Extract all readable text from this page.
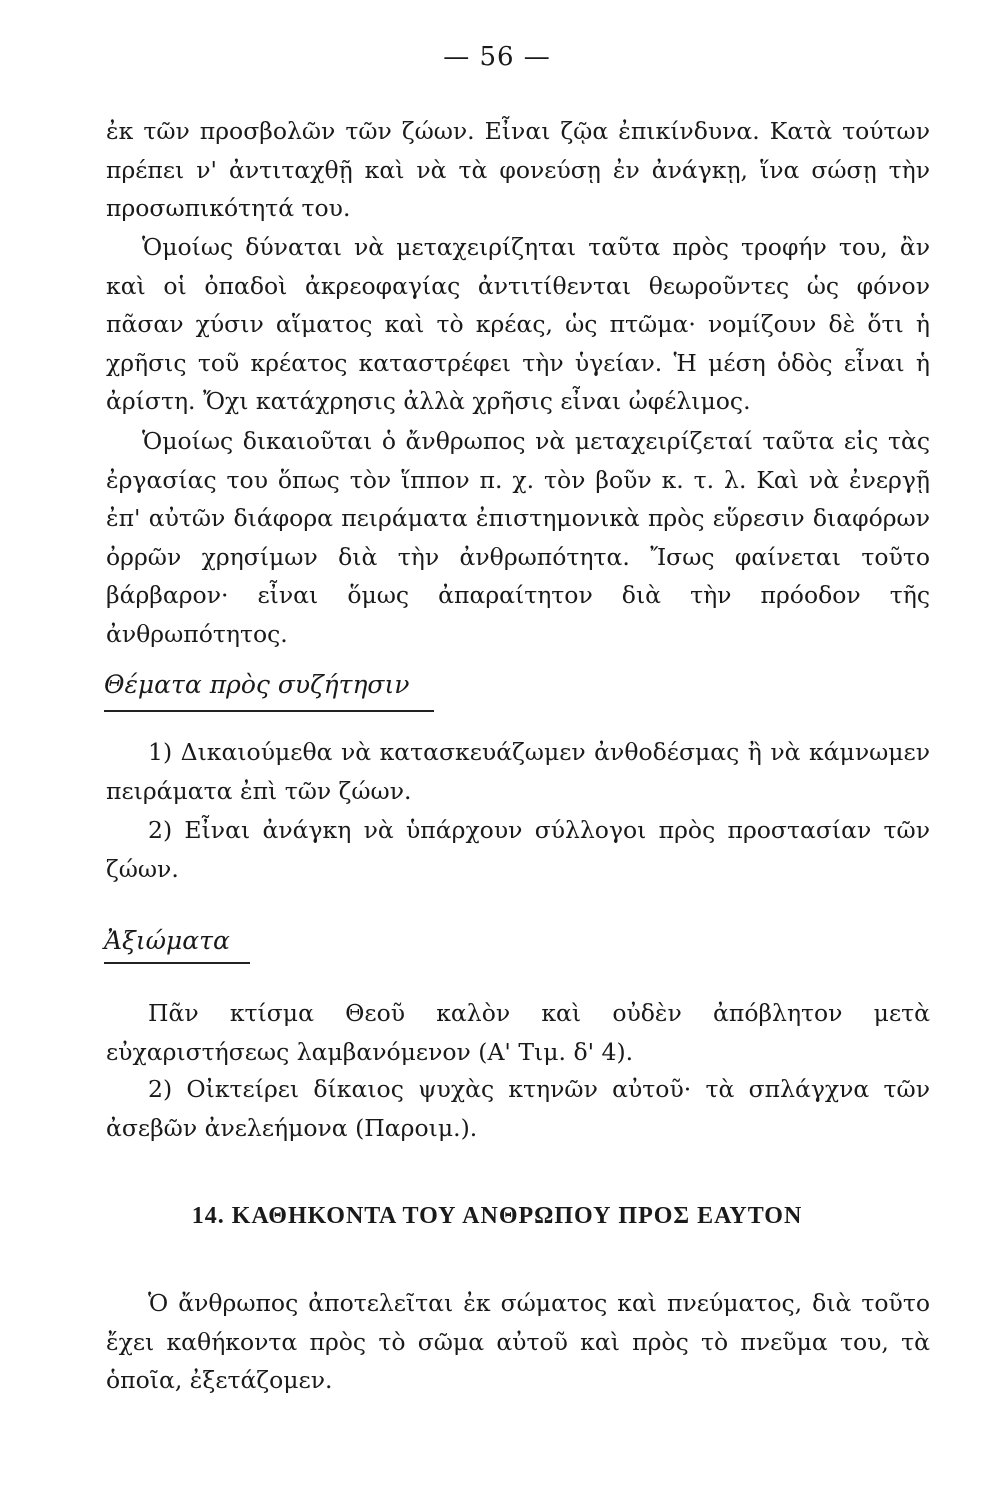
— 56 —

ἐκ τῶν προσβολῶν τῶν ζώων. Εἶναι ζῷα ἐπικίνδυνα. Κατὰ τούτων πρέπει ν' ἀντιταχθῇ καὶ νὰ τὰ φονεύσῃ ἐν ἀνάγκῃ, ἵνα σώσῃ τὴν προσωπικότητά του.

Ὁμοίως δύναται νὰ μεταχειρίζηται ταῦτα πρὸς τροφήν του, ἂν καὶ οἱ ὀπαδοὶ ἀκρεοφαγίας ἀντιτίθενται θεωροῦντες ὡς φόνον πᾶσαν χύσιν αἵματος καὶ τὸ κρέας, ὡς πτῶμα· νομίζουν δὲ ὅτι ἡ χρῆσις τοῦ κρέατος καταστρέφει τὴν ὑγείαν. Ἡ μέση ὁδὸς εἶναι ἡ ἀρίστη. Ὄχι κατάχρησις ἀλλὰ χρῆσις εἶναι ὠφέλιμος.

Ὁμοίως δικαιοῦται ὁ ἄνθρωπος νὰ μεταχειρίζεταί ταῦτα εἰς τὰς ἐργασίας του ὅπως τὸν ἵππον π. χ. τὸν βοῦν κ. τ. λ. Καὶ νὰ ἐνεργῇ ἐπ' αὐτῶν διάφορα πειράματα ἐπιστημονικὰ πρὸς εὕρεσιν διαφόρων ὀρρῶν χρησίμων διὰ τὴν ἀνθρωπότητα. Ἴσως φαίνεται τοῦτο βάρβαρον· εἶναι ὅμως ἀπαραίτητον διὰ τὴν πρόοδον τῆς ἀνθρωπότητος.

Θέματα πρὸς συζήτησιν

1) Δικαιούμεθα νὰ κατασκευάζωμεν ἀνθοδέσμας ἢ νὰ κάμνωμεν πειράματα ἐπὶ τῶν ζώων.

2) Εἶναι ἀνάγκη νὰ ὑπάρχουν σύλλογοι πρὸς προστασίαν τῶν ζώων.

Ἀξιώματα

Πᾶν κτίσμα Θεοῦ καλὸν καὶ οὐδὲν ἀπόβλητον μετὰ εὐχαριστήσεως λαμβανόμενον (Α' Τιμ. δ' 4).

2) Οἰκτείρει δίκαιος ψυχὰς κτηνῶν αὐτοῦ· τὰ σπλάγχνα τῶν ἀσεβῶν ἀνελεήμονα (Παροιμ.).

14. ΚΑΘΗΚΟΝΤΑ ΤΟΥ ΑΝΘΡΩΠΟΥ ΠΡΟΣ ΕΑΥΤΟΝ

Ὁ ἄνθρωπος ἀποτελεῖται ἐκ σώματος καὶ πνεύματος, διὰ τοῦτο ἔχει καθήκοντα πρὸς τὸ σῶμα αὐτοῦ καὶ πρὸς τὸ πνεῦμα του, τὰ ὁποῖα, ἐξετάζομεν.
